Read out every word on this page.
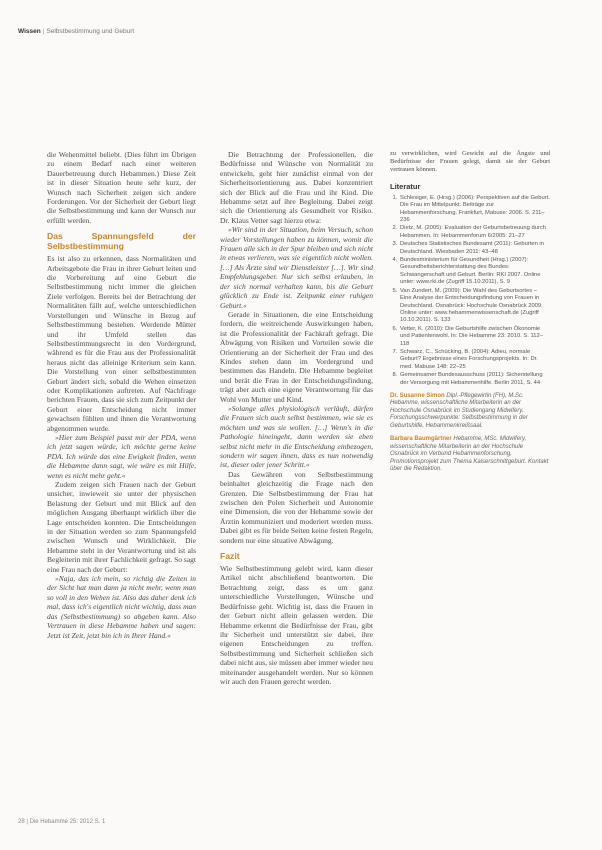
Wissen | Selbstbestimmung und Geburt

die Wehenmittel beliebt. (Dies führt im Übrigen zu einem Bedarf nach einer weiteren Dauerbetreuung durch Hebammen.) Diese Zeit ist in dieser Situation heute sehr kurz, der Wunsch nach Sicherheit zeigen sich andere Forderungen. Vor der Sicherheit der Geburt liegt die Selbstbestimmung und kann der Wunsch nur erfüllt werden.

Das Spannungsfeld der Selbstbestimmung

Es ist also zu erkennen, dass Normalitäten und Arbeitsgebote die Frau in ihrer Geburt leiten und die Vorbereitung auf eine Geburt die Selbstbestimmung nicht immer die gleichen Ziele verfolgen. Bereits bei der Betrachtung der Normalitäten fällt auf, welche unterschiedlichen Vorstellungen und Wünsche in Bezug auf Selbstbestimmung bestehen. Werdende Mütter und ihr Umfeld stellen das Selbstbestimmungsrecht in den Vordergrund, während es für die Frau aus der Professionalität heraus nicht das alleinige Kriterium sein kann. Die Vorstellung von einer selbstbestimmten Geburt ändert sich, sobald die Wehen einsetzen oder Komplikationen auftreten. Auf Nachfrage berichten Frauen, dass sie sich zum Zeitpunkt der Geburt einer Entscheidung nicht immer gewachsen fühlten und ihnen die Verantwortung abgenommen wurde.

»Hier zum Beispiel passt mir der PDA, wenn ich jetzt sagen würde, ich möchte gerne keine PDA. Ich würde das eine Ewigkeit finden, wenn die Hebamme dann sagt, wie wäre es mit Hilfe, wenn es nicht mehr geht.«

Zudem zeigen sich Frauen nach der Geburt unsicher, inwieweit sie unter der physischen Belastung der Geburt und mit Blick auf den möglichen Ausgang überhaupt wirklich über die Lage entscheiden konnten. Die Entscheidungen in der Situation werden so zum Spannungsfeld zwischen Wunsch und Wirklichkeit. Die Hebamme steht in der Verantwortung und ist als Begleiterin mit ihrer Fachlichkeit gefragt. So sagt eine Frau nach der Geburt:

»Naja, das ich mein, so richtig die Zeiten in der Sicht hat man dann ja nicht mehr, wenn man so voll in den Wehen ist. Also das daher denk ich mal, dass ich's eigentlich nicht wichtig, dass man das (Selbstbestimmung) so abgeben kann. Also Vertrauen in diese Hebamme haben und sagen: Jetzt ist Zeit, jetzt bin ich in Ihrer Hand.«

Die Betrachtung der Professionellen, die Bedürfnisse und Wünsche von Normalität zu entwickeln, geht hier zunächst einmal von der Sicherheitsorientierung aus. Dabei konzentriert sich der Blick auf die Frau und ihr Kind. Die Hebamme setzt auf ihre Begleitung. Dabei zeigt sich die Orientierung als Gesundheit vor Risiko. Dr. Klaus Vetter sagt hierzu etwa:

»Wir sind in der Situation, beim Versuch, schon wieder Vorstellungen haben zu können, womit die Frauen alle sich in der Spur bleiben und sich nicht in etwas verlieren, was sie eigentlich nicht wollen. […] Als Ärzte sind wir Dienstleister […]. Wir sind Empfehlungsgeber. Nur sich selbst erlauben, in der sich normal verhalten kann, bis die Geburt glücklich zu Ende ist. Zeitpunkt einer ruhigen Geburt.«

Gerade in Situationen, die eine Entscheidung fordern, die weitreichende Auswirkungen haben, ist die Professionalität der Fachkraft gefragt. Die Abwägung von Risiken und Vorteilen sowie die Orientierung an der Sicherheit der Frau und des Kindes stehen dann im Vordergrund und bestimmen das Handeln. Die Hebamme begleitet und berät die Frau in der Entscheidungsfindung, trägt aber auch eine eigene Verantwortung für das Wohl von Mutter und Kind.

»Solange alles physiologisch verläuft, dürfen die Frauen sich auch selbst bestimmen, wie sie es möchten und was sie wollen. […] Wenn's in die Pathologie hineingeht, dann werden sie eben selbst nicht mehr in die Entscheidung einbezogen, sondern wir sagen ihnen, dass es nun notwendig ist, dieser oder jener Schritt.«

Das Gewähren von Selbstbestimmung beinhaltet gleichzeitig die Frage nach den Grenzen. Die Selbstbestimmung der Frau hat zwischen den Polen Sicherheit und Autonomie eine Dimension, die von der Hebamme sowie der Ärztin kommuniziert und moderiert werden muss. Dabei gibt es für beide Seiten keine festen Regeln, sondern nur eine situative Abwägung.

Fazit

Wie Selbstbestimmung gelebt wird, kann dieser Artikel nicht abschließend beantworten. Die Betrachtung zeigt, dass es um ganz unterschiedliche Vorstellungen, Wünsche und Bedürfnisse geht. Wichtig ist, dass die Frauen in der Geburt nicht allein gelassen werden. Die Hebamme erkennt die Bedürfnisse der Frau, gibt ihr Sicherheit und unterstützt sie dabei, ihre eigenen Entscheidungen zu treffen. Selbstbestimmung und Sicherheit schließen sich dabei nicht aus, sie müssen aber immer wieder neu miteinander ausgehandelt werden. Nur so können wir auch den Frauen gerecht werden.

zu verwirklichen, wird Gewicht auf die Ängste und Bedürfnisse der Frauen gelegt, damit sie der Geburt vertrauen können.

Literatur
1. Schlesiger, E. (Hrsg.) (2006): Perspektiven auf die Geburt. Die Frau im Mittelpunkt. Beiträge zur Hebammenforschung. Frankfurt, Mabuse: 2006. S. 211–236
2. Dietz, M. (2005): Evaluation der Geburtsbetreuung durch Hebammen. In: Hebammenforum 6/2005: 21–27
3. Deutsches Statistisches Bundesamt (2011): Geburten in Deutschland. Wiesbaden 2011: 43–48
4. Bundesministerium für Gesundheit (Hrsg.) (2007): Gesundheitsberichterstattung des Bundes: Schwangerschaft und Geburt. Berlin: RKI 2007. Online unter: www.rki.de (Zugriff 15.10.2011), S. 9
5. Van Zundert, M. (2009): Die Wahl des Geburtsortes – Eine Analyse der Entscheidungsfindung von Frauen in Deutschland. Osnabrück: Hochschule Osnabrück 2009. Online unter: www.hebammenwissenschaft.de (Zugriff 10.10.2011). S. 133
6. Vetter, K. (2010): Die Geburtshilfe zwischen Ökonomie und Patientenwohl. In: Die Hebamme 23: 2010. S. 112–118
7. Schwarz, C., Schücking, B. (2004): Adieu, normale Geburt? Ergebnisse eines Forschungsprojekts. In: Dr. med. Mabuse 148: 22–25
8. Gemeinsamer Bundesausschuss (2011): Sicherstellung der Versorgung mit Hebammenhilfe. Berlin 2011, S. 44
Dr. Susanne Simon Dipl.-Pflegewirtin (FH), M.Sc. Hebamme, wissenschaftliche Mitarbeiterin an der Hochschule Osnabrück im Studiengang Midwifery. Forschungsschwerpunkte: Selbstbestimmung in der Geburtshilfe, Hebammenkreißsaal.
Barbara Baumgärtner Hebamme, MSc. Midwifery, wissenschaftliche Mitarbeiterin an der Hochschule Osnabrück im Verbund Hebammenforschung, Promotionsprojekt zum Thema Kaiserschnittgeburt. Kontakt über die Redaktion.
28 | Die Hebamme 25: 2012 S. 1
